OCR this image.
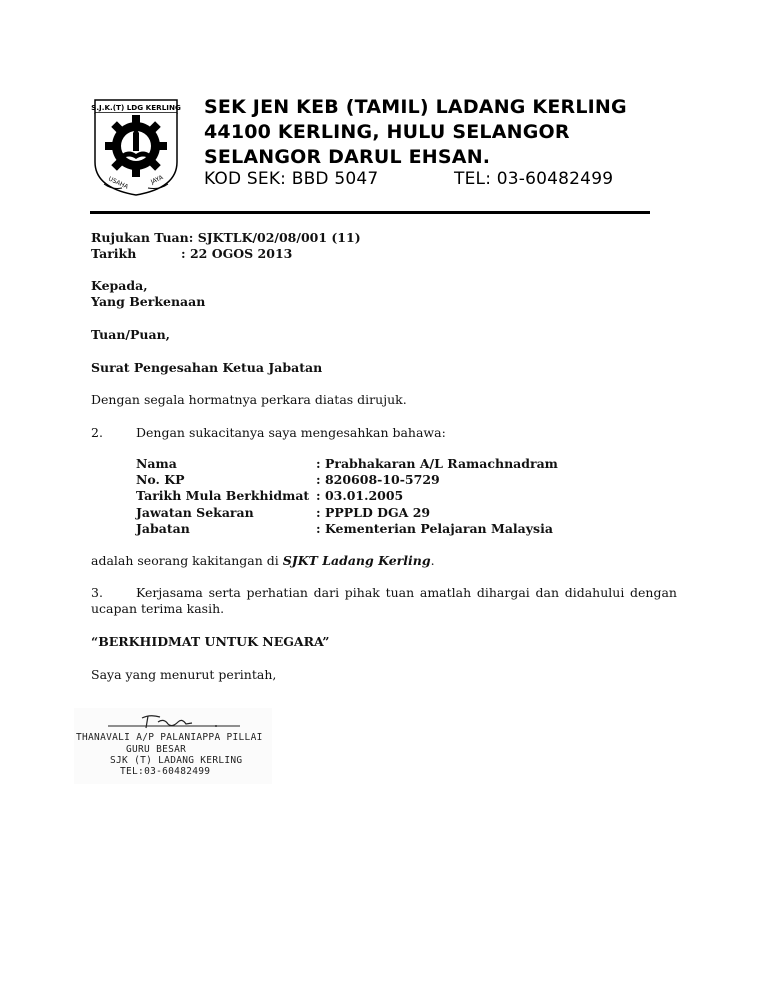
S.J.K.(T) LDG KERLING
USAHA	JAYA
SEK JEN KEB (TAMIL) LADANG KERLING
44100 KERLING, HULU SELANGOR
SELANGOR DARUL EHSAN.
KOD SEK: BBD 5047	TEL: 03-60482499
Rujukan Tuan: SJKTLK/02/08/001 (11)
Tarikh	: 22 OGOS 2013
Kepada,
Yang Berkenaan
Tuan/Puan,
Surat Pengesahan Ketua Jabatan
Dengan segala hormatnya perkara diatas dirujuk.
2.	Dengan sukacitanya saya mengesahkan bahawa:
Nama	: Prabhakaran A/L Ramachnadram
No. KP	: 820608-10-5729
Tarikh Mula Berkhidmat : 03.01.2005
Jawatan Sekaran	: PPPLD DGA 29
Jabatan	: Kementerian Pelajaran Malaysia
adalah seorang kakitangan di SJKT Ladang Kerling.
3.	Kerjasama serta perhatian dari pihak tuan amatlah dihargai dan didahului dengan ucapan terima kasih.
“BERKHIDMAT UNTUK NEGARA”
Saya yang menurut perintah,
THANAVALI A/P PALANIAPPA PILLAI
GURU BESAR
SJK (T) LADANG KERLING
TEL:03-60482499
